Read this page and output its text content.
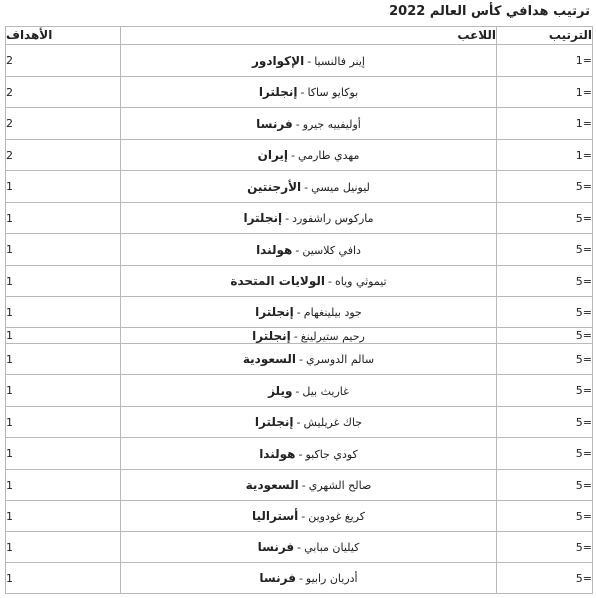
ترتيب هدافي كأس العالم 2022
الترتيب	اللاعب	الأهداف
=1	إينر فالنسيا-الإكوادور	2
=1	بوكايو ساكا-إنجلترا	2
=1	أوليفييه جيرو-فرنسا	2
=1	مهدي طارمي-إيران	2
=5	ليونيل ميسي-الأرجنتين	1
=5	ماركوس راشفورد-إنجلترا	1
=5	دافي كلاسين-هولندا	1
=5	تيموثي وياه-الولايات المتحدة	1
=5	جود بيلينغهام-إنجلترا	1
=5	رحيم ستيرلينغ-إنجلترا	1
=5	سالم الدوسري-السعودية	1
=5	غاريث بيل-ويلز	1
=5	جاك غريليش-إنجلترا	1
=5	كودي جاكبو-هولندا	1
=5	صالح الشهري-السعودية	1
=5	كريغ غودوين-أستراليا	1
=5	كيليان مبابي-فرنسا	1
=5	أدريان رابيو-فرنسا	1
